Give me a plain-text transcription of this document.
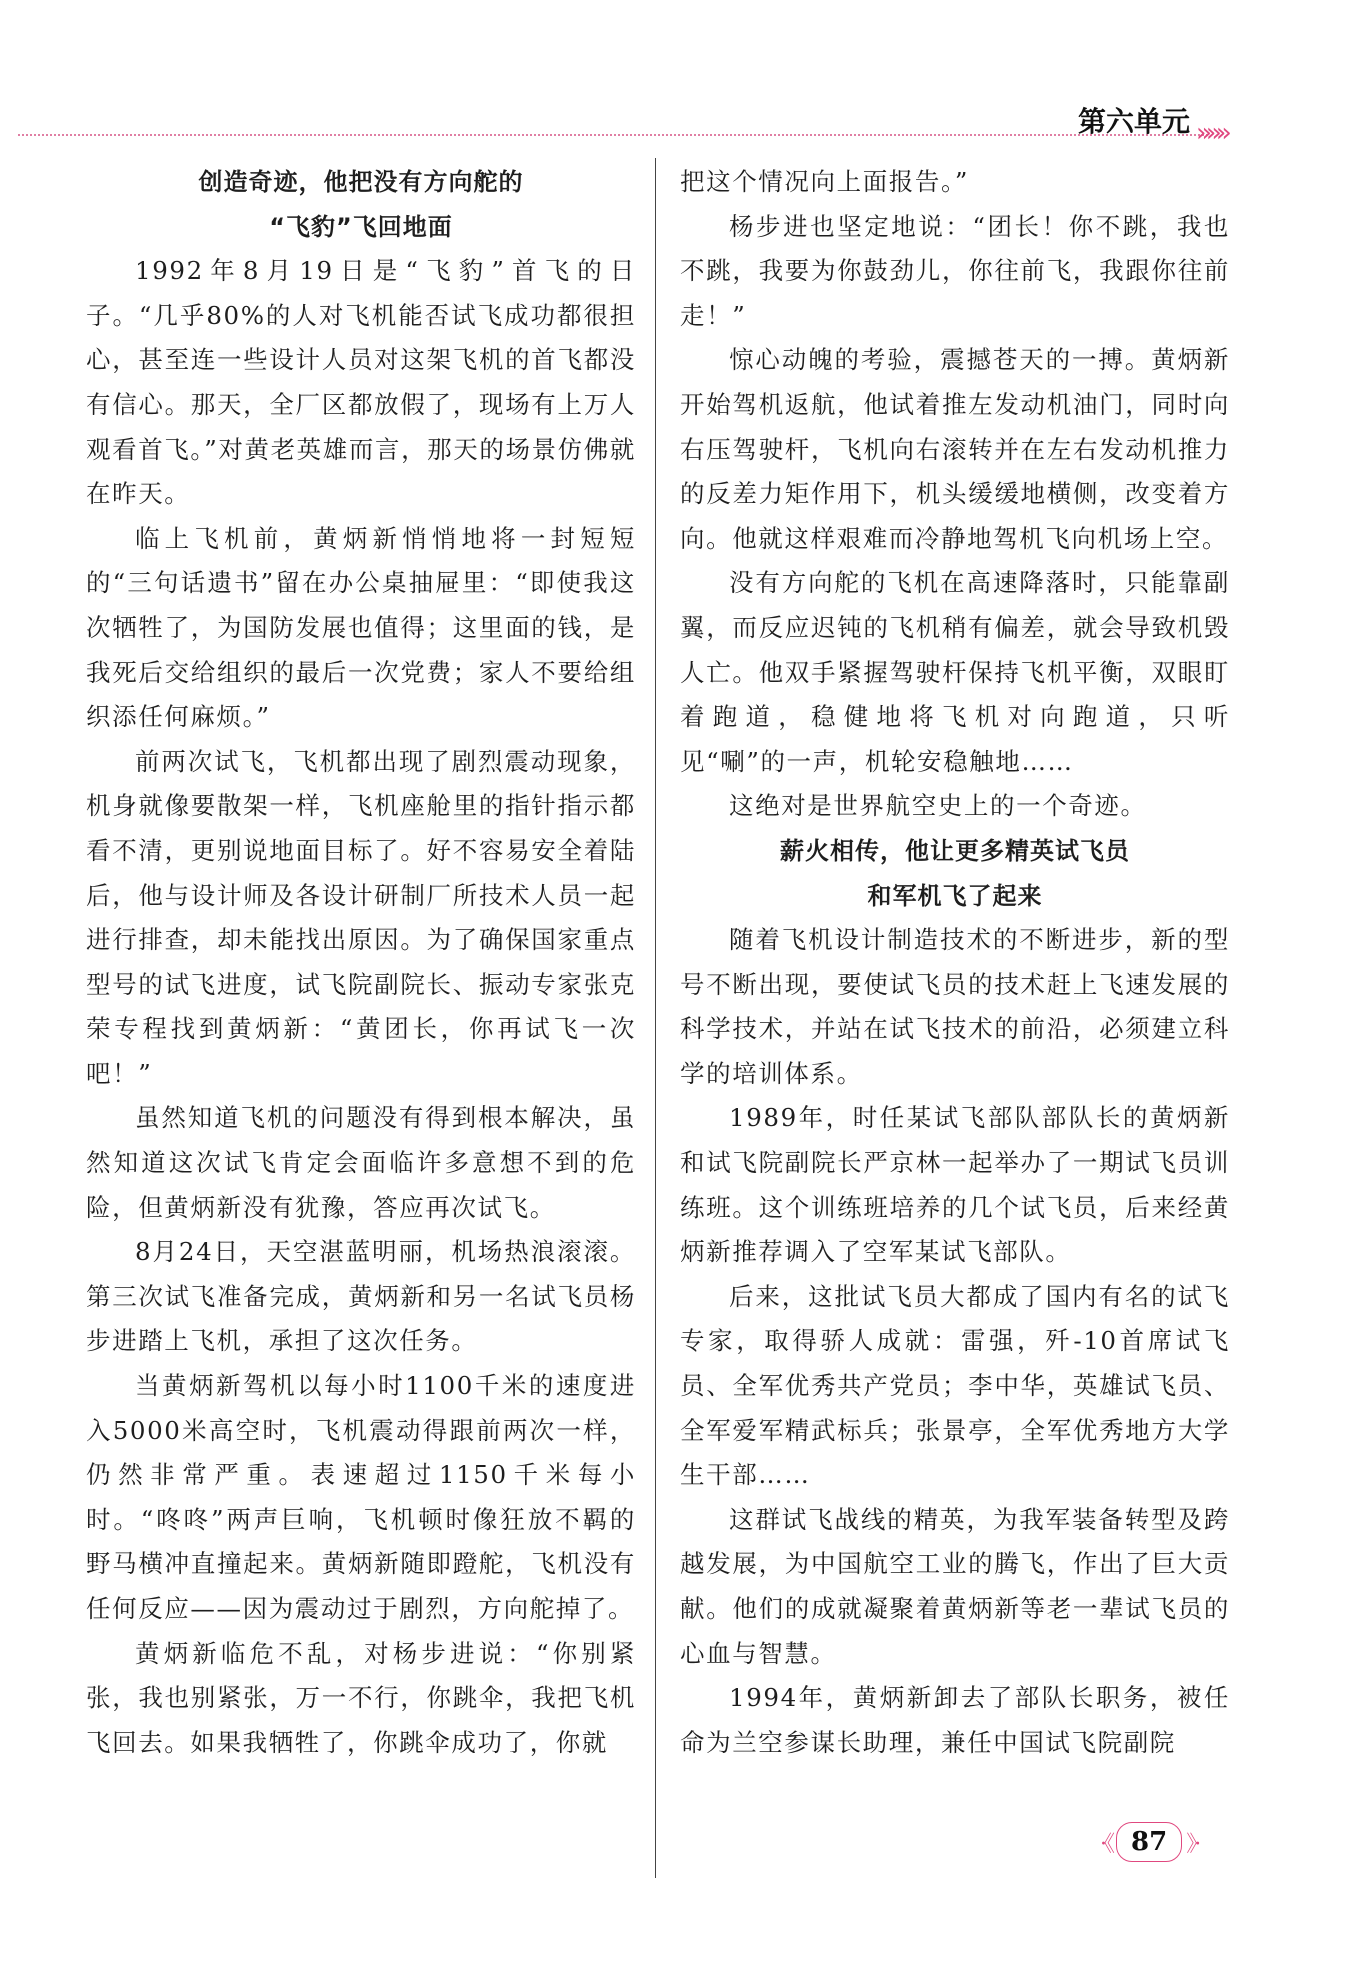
第六单元 »»»

创造奇迹，他把没有方向舵的

“飞豹”飞回地面

1992年8月19日是“飞豹”首飞的日子。“几乎80%的人对飞机能否试飞成功都很担心，甚至连一些设计人员对这架飞机的首飞都没有信心。那天，全厂区都放假了，现场有上万人观看首飞。”对黄老英雄而言，那天的场景仿佛就在昨天。

临上飞机前，黄炳新悄悄地将一封短短的“三句话遗书”留在办公桌抽屉里：“即使我这次牺牲了，为国防发展也值得；这里面的钱，是我死后交给组织的最后一次党费；家人不要给组织添任何麻烦。”

前两次试飞，飞机都出现了剧烈震动现象，机身就像要散架一样，飞机座舱里的指针指示都看不清，更别说地面目标了。好不容易安全着陆后，他与设计师及各设计研制厂所技术人员一起进行排查，却未能找出原因。为了确保国家重点型号的试飞进度，试飞院副院长、振动专家张克荣专程找到黄炳新：“黄团长，你再试飞一次吧！”

虽然知道飞机的问题没有得到根本解决，虽然知道这次试飞肯定会面临许多意想不到的危险，但黄炳新没有犹豫，答应再次试飞。

8月24日，天空湛蓝明丽，机场热浪滚滚。第三次试飞准备完成，黄炳新和另一名试飞员杨步进踏上飞机，承担了这次任务。

当黄炳新驾机以每小时1100千米的速度进入5000米高空时，飞机震动得跟前两次一样，仍然非常严重。表速超过1150千米每小时。“咚咚”两声巨响，飞机顿时像狂放不羁的野马横冲直撞起来。黄炳新随即蹬舵，飞机没有任何反应——因为震动过于剧烈，方向舵掉了。

黄炳新临危不乱，对杨步进说：“你别紧张，我也别紧张，万一不行，你跳伞，我把飞机飞回去。如果我牺牲了，你跳伞成功了，你就

把这个情况向上面报告。”

杨步进也坚定地说：“团长！你不跳，我也不跳，我要为你鼓劲儿，你往前飞，我跟你往前走！”

惊心动魄的考验，震撼苍天的一搏。黄炳新开始驾机返航，他试着推左发动机油门，同时向右压驾驶杆，飞机向右滚转并在左右发动机推力的反差力矩作用下，机头缓缓地横侧，改变着方向。他就这样艰难而冷静地驾机飞向机场上空。

没有方向舵的飞机在高速降落时，只能靠副翼，而反应迟钝的飞机稍有偏差，就会导致机毁人亡。他双手紧握驾驶杆保持飞机平衡，双眼盯着跑道，稳健地将飞机对向跑道，只听见“唰”的一声，机轮安稳触地……

这绝对是世界航空史上的一个奇迹。

薪火相传，他让更多精英试飞员

和军机飞了起来

随着飞机设计制造技术的不断进步，新的型号不断出现，要使试飞员的技术赶上飞速发展的科学技术，并站在试飞技术的前沿，必须建立科学的培训体系。

1989年，时任某试飞部队部队长的黄炳新和试飞院副院长严京林一起举办了一期试飞员训练班。这个训练班培养的几个试飞员，后来经黄炳新推荐调入了空军某试飞部队。

后来，这批试飞员大都成了国内有名的试飞专家，取得骄人成就：雷强，歼-10首席试飞员、全军优秀共产党员；李中华，英雄试飞员、全军爱军精武标兵；张景亭，全军优秀地方大学生干部……

这群试飞战线的精英，为我军装备转型及跨越发展，为中国航空工业的腾飞，作出了巨大贡献。他们的成就凝聚着黄炳新等老一辈试飞员的心血与智慧。

1994年，黄炳新卸去了部队长职务，被任命为兰空参谋长助理，兼任中国试飞院副院

·《 87 》·
